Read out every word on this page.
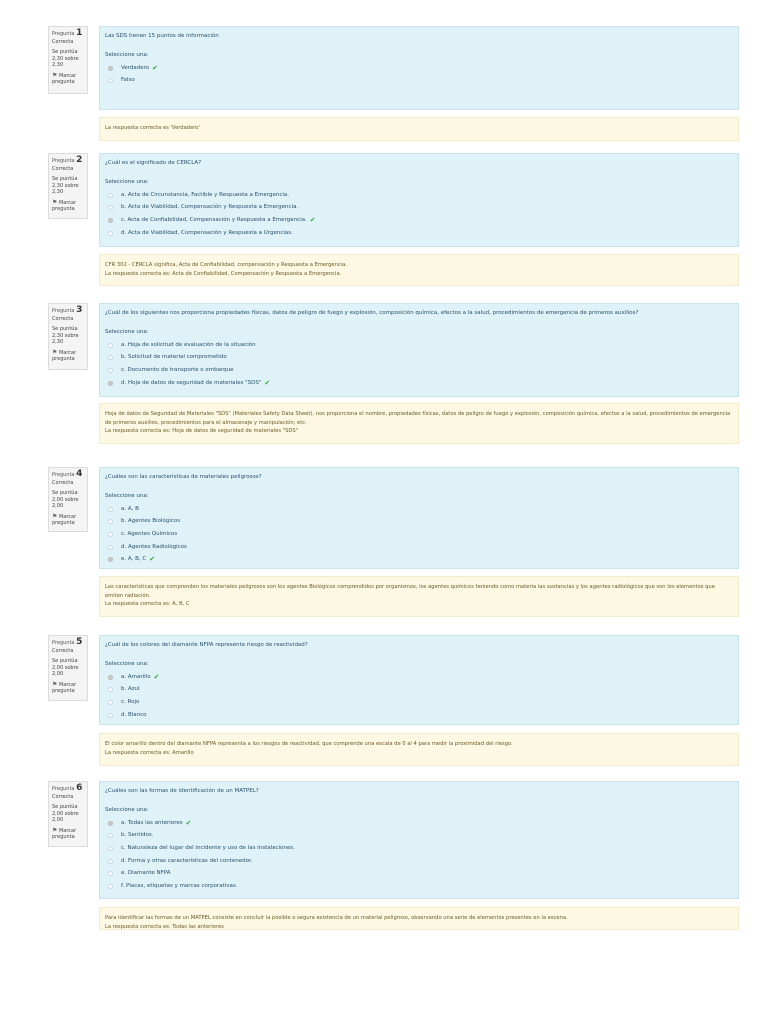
Pregunta 1
Correcta
Se puntúa 2,30 sobre 2,30
⚑ Marcar pregunta
Las SDS tienen 15 puntos de información
Seleccione una:
Verdadero ✔
Falso
La respuesta correcta es 'Verdadero'
Pregunta 2
Correcta
Se puntúa 2,30 sobre 2,30
⚑ Marcar pregunta
¿Cuál es el significado de CERCLA?
Seleccione una:
a. Acta de Circunstancia, Factible y Respuesta a Emergencia.
b. Acta de Viabilidad, Compensación y Respuesta a Emergencia.
c. Acta de Confiabilidad, Compensación y Respuesta a Emergencia. ✔
d. Acta de Viabilidad, Compensación y Respuesta a Urgencias.
CFR 302 - CERCLA significa, Acta de Confiabilidad, compensación y Respuesta a Emergencia.
La respuesta correcta es: Acta de Confiabilidad, Compensación y Respuesta a Emergencia.
Pregunta 3
Correcta
Se puntúa 2,30 sobre 2,30
⚑ Marcar pregunta
¿Cuál de los siguientes nos proporciona propiedades físicas, datos de peligro de fuego y explosión, composición química, efectos a la salud, procedimientos de emergencia de primeros auxilios?
Seleccione una:
a. Hoja de solicitud de evaluación de la situación
b. Solicitud de material comprometido
c. Documento de transporte o embarque
d. Hoja de datos de seguridad de materiales "SDS" ✔
Hoja de datos de Seguridad de Materiales "SDS" (Materiales Safety Data Sheet), nos proporciona el nombre, propiedades físicas, datos de peligro de fuego y explosión, composición química, efectos a la salud, procedimientos de emergencia de primeros auxilios, procedimientos para el almacenaje y manipulación; etc.
La respuesta correcta es: Hoja de datos de seguridad de materiales "SDS"
Pregunta 4
Correcta
Se puntúa 2,00 sobre 2,00
⚑ Marcar pregunta
¿Cuáles son las características de materiales peligrosos?
Seleccione una:
a. A, B
b. Agentes Biológicos
c. Agentes Químicos
d. Agentes Radiológicos
e. A, B, C ✔
Las características que comprenden los materiales peligrosos son los agentes Biológicos comprendidos por organismos, los agentes químicos teniendo como materia las sustancias y los agentes radiológicos que son los elementos que emiten radiación.
La respuesta correcta es: A, B, C
Pregunta 5
Correcta
Se puntúa 2,00 sobre 2,00
⚑ Marcar pregunta
¿Cuál de los colores del diamante NFPA representa riesgo de reactividad?
Seleccione una:
a. Amarillo ✔
b. Azul
c. Rojo
d. Blanco
El color amarillo dentro del diamante NFPA representa a los riesgos de reactividad, que comprende una escala de 0 al 4 para medir la proximidad del riesgo.
La respuesta correcta es: Amarillo
Pregunta 6
Correcta
Se puntúa 2,00 sobre 2,00
⚑ Marcar pregunta
¿Cuáles son las formas de identificación de un MATPEL?
Seleccione una:
a. Todas las anteriores ✔
b. Sentidos.
c. Naturaleza del lugar del incidente y uso de las instalaciones.
d. Forma y otras características del contenedor.
e. Diamante NFPA
f. Placas, etiquetas y marcas corporativas.
Para identificar las formas de un MATPEL consiste en concluir la posible o segura existencia de un material peligroso, observando una serie de elementos presentes en la escena.
La respuesta correcta es: Todas las anteriores
